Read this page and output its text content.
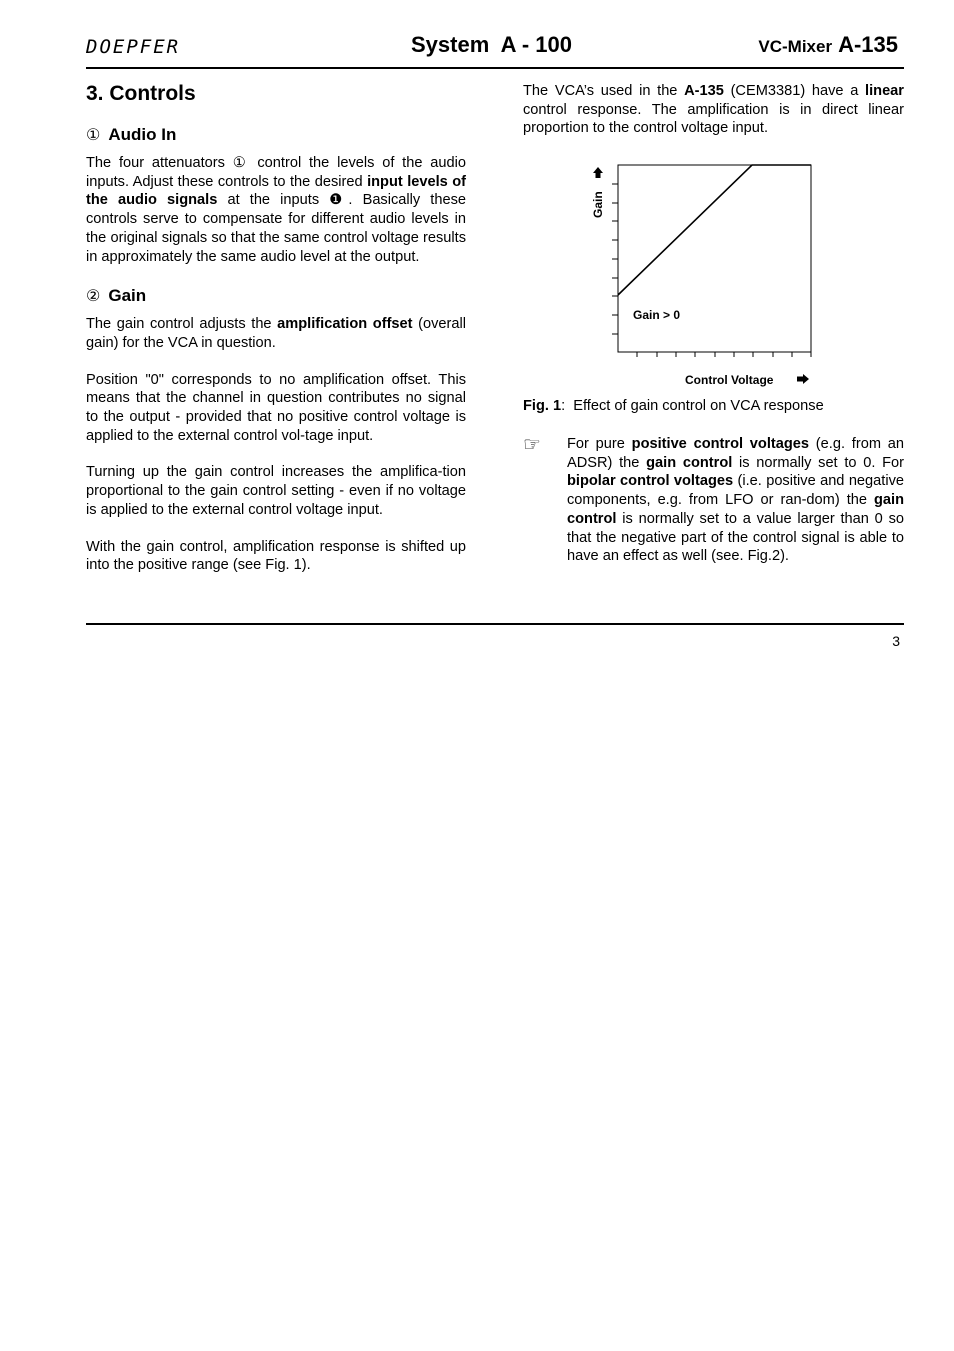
DOEPFER	System  A - 100	VC-Mixer A-135
3. Controls
① Audio In

The four attenuators ① control the levels of the audio inputs. Adjust these controls to the desired input levels of the audio signals at the inputs ❶. Basically these controls serve to compensate for different audio levels in the original signals so that the same control voltage results in approximately the same audio level at the output.

② Gain

The gain control adjusts the amplification offset (overall gain) for the VCA in question.

Position "0" corresponds to no amplification offset. This means that the channel in question contributes no signal to the output - provided that no positive control voltage is applied to the external control vol-tage input.

Turning up the gain control increases the amplifica-tion proportional to the gain control setting - even if no voltage is applied to the external control voltage input.

With the gain control, amplification response is shifted up into the positive range (see Fig. 1).

The VCA’s used in the A-135 (CEM3381) have a linear control response. The amplification is in direct linear proportion to the control voltage input.

Gain
Gain > 0
Control Voltage
Fig. 1:  Effect of gain control on VCA response
☞ For pure positive control voltages (e.g. from an ADSR) the gain control is normally set to 0. For bipolar control voltages (i.e. positive and negative components, e.g. from LFO or ran-dom) the gain control is normally set to a value larger than 0 so that the negative part of the control signal is able to have an effect as well (see. Fig.2).

3
